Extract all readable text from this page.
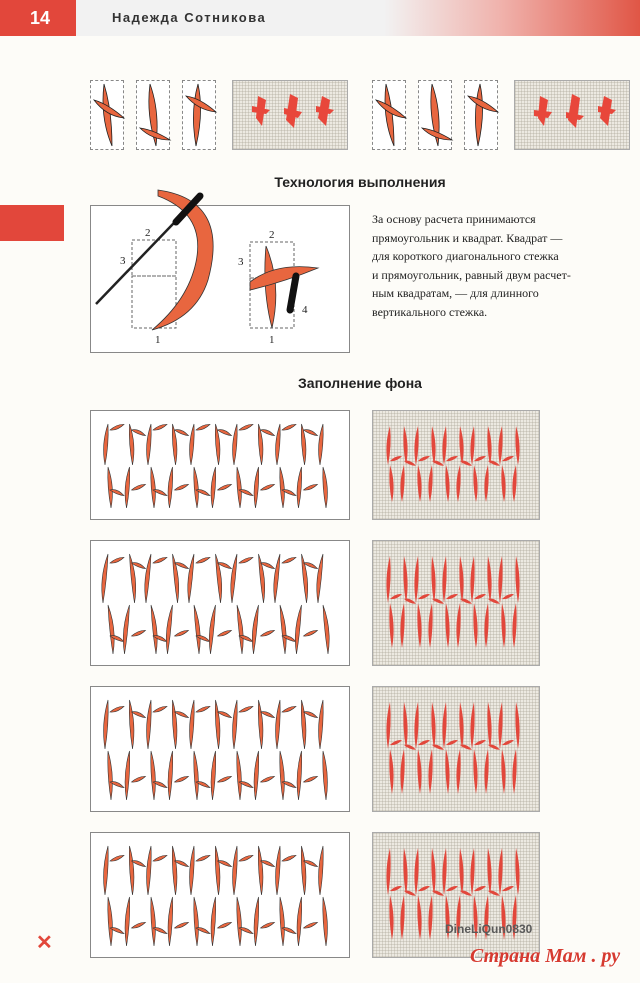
14	Надежда Сотникова
Технология выполнения
2
3
1
2
3
4
1
За основу расчета принимаются
прямоугольник и квадрат. Квадрат —
для короткого диагонального стежка
и прямоугольник, равный двум расчет-
ным квадратам, — для длинного
вертикального стежка.
Заполнение фона
✕
DineLiQun0830
Страна Мам . ру
